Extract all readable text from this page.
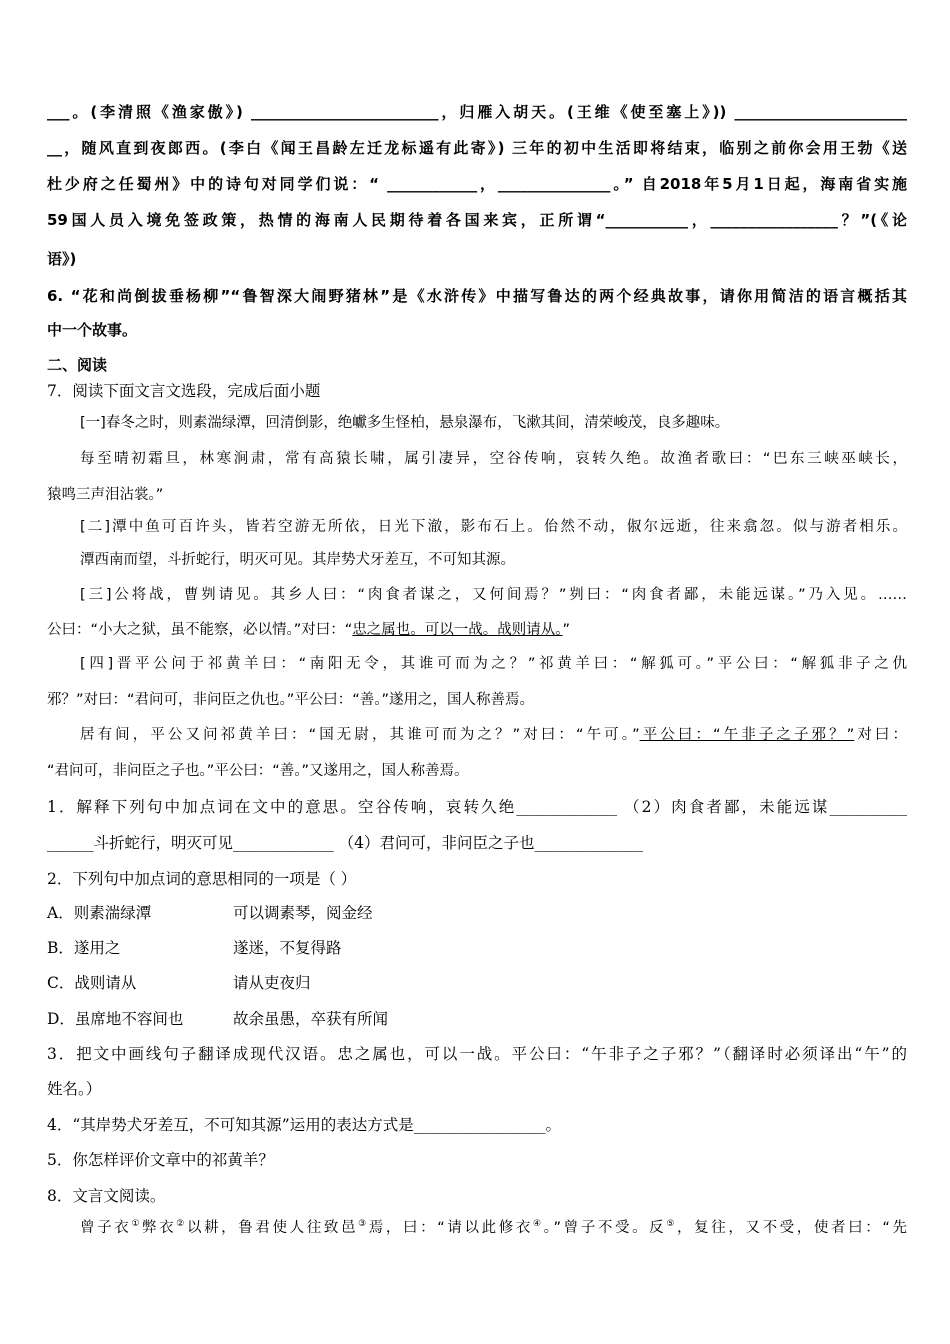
___。(李清照《渔家傲》) _________________________，归雁入胡天。(王维《使至塞上》)) _______________________
__，随风直到夜郎西。(李白《闻王昌龄左迁龙标遥有此寄》) 三年的初中生活即将结束，临别之前你会用王勃《送
杜少府之任蜀州》中的诗句对同学们说：“ ____________，_______________。” 自2018年5月1日起，海南省实施
59国人员入境免签政策，热情的海南人民期待着各国来宾，正所谓“___________，_________________？”(《论
语》)
6. “花和尚倒拔垂杨柳”“鲁智深大闹野猪林”是《水浒传》中描写鲁达的两个经典故事，请你用简洁的语言概括其
中一个故事。
二、阅读
7．阅读下面文言文选段，完成后面小题
[一]春冬之时，则素湍绿潭，回清倒影，绝巘多生怪柏，悬泉瀑布，飞漱其间，清荣峻茂，良多趣味。
每至晴初霜旦，林寒涧肃，常有高猿长啸，属引凄异，空谷传响，哀转久绝。故渔者歌曰：“巴东三峡巫峡长，
猿鸣三声泪沾裳。”
[二]潭中鱼可百许头，皆若空游无所依，日光下澈，影布石上。佁然不动，俶尔远逝，往来翕忽。似与游者相乐。
潭西南而望，斗折蛇行，明灭可见。其岸势犬牙差互，不可知其源。
[三]公将战，曹刿请见。其乡人曰：“肉食者谋之，又何间焉？”刿曰：“肉食者鄙，未能远谋。”乃入见。……
公曰：“小大之狱，虽不能察，必以情。”对曰：“忠之属也。可以一战。战则请从。”
[四]晋平公问于祁黄羊曰：“南阳无令，其谁可而为之？”祁黄羊曰：“解狐可。”平公曰：“解狐非子之仇
邪？”对曰：“君问可，非问臣之仇也。”平公曰：“善。”遂用之，国人称善焉。
居有间，平公又问祁黄羊曰：“国无尉，其谁可而为之？”对曰：“午可。”平公曰：“午非子之子邪？”对曰：
“君问可，非问臣之子也。”平公曰：“善。”又遂用之，国人称善焉。
1．解释下列句中加点词在文中的意思。空谷传响，哀转久绝_____________ （2）肉食者鄙，未能远谋__________
______斗折蛇行，明灭可见_____________ （4）君问可，非问臣之子也______________
2．下列句中加点词的意思相同的一项是（ ）
A．则素湍绿潭	可以调素琴，阅金经
B．遂用之	遂迷，不复得路
C．战则请从	请从吏夜归
D．虽席地不容间也	故余虽愚，卒获有所闻
3．把文中画线句子翻译成现代汉语。忠之属也，可以一战。平公曰：“午非子之子邪？”（翻译时必须译出“午”的
姓名。）
4．“其岸势犬牙差互，不可知其源”运用的表达方式是_________________。
5．你怎样评价文章中的祁黄羊？
8．文言文阅读。
曾子衣①弊衣②以耕，鲁君使人往致邑③焉，曰：“请以此修衣④。”曾子不受。反⑤，复往，又不受，使者曰：“先
